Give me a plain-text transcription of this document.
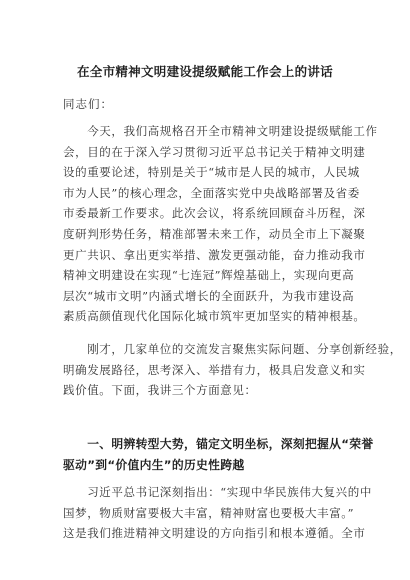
在全市精神文明建设提级赋能工作会上的讲话
同志们：
　　今天，我们高规格召开全市精神文明建设提级赋能工作
会，目的在于深入学习贯彻习近平总书记关于精神文明建
设的重要论述，特别是关于“城市是人民的城市，人民城
市为人民”的核心理念，全面落实党中央战略部署及省委
市委最新工作要求。此次会议，将系统回顾奋斗历程，深
度研判形势任务，精准部署未来工作，动员全市上下凝聚
更广共识、拿出更实举措、激发更强动能，奋力推动我市
精神文明建设在实现“七连冠”辉煌基础上，实现向更高
层次“城市文明”内涵式增长的全面跃升，为我市建设高
素质高颜值现代化国际化城市筑牢更加坚实的精神根基。
　　刚才，几家单位的交流发言聚焦实际问题、分享创新经验，
明确发展路径，思考深入、举措有力，极具启发意义和实
践价值。下面，我讲三个方面意见：
　　一、明辨转型大势，锚定文明坐标，深刻把握从“荣誉
驱动”到“价值内生”的历史性跨越
　　习近平总书记深刻指出：“实现中华民族伟大复兴的中
国梦，物质财富要极大丰富，精神财富也要极大丰富。”
这是我们推进精神文明建设的方向指引和根本遵循。全市
